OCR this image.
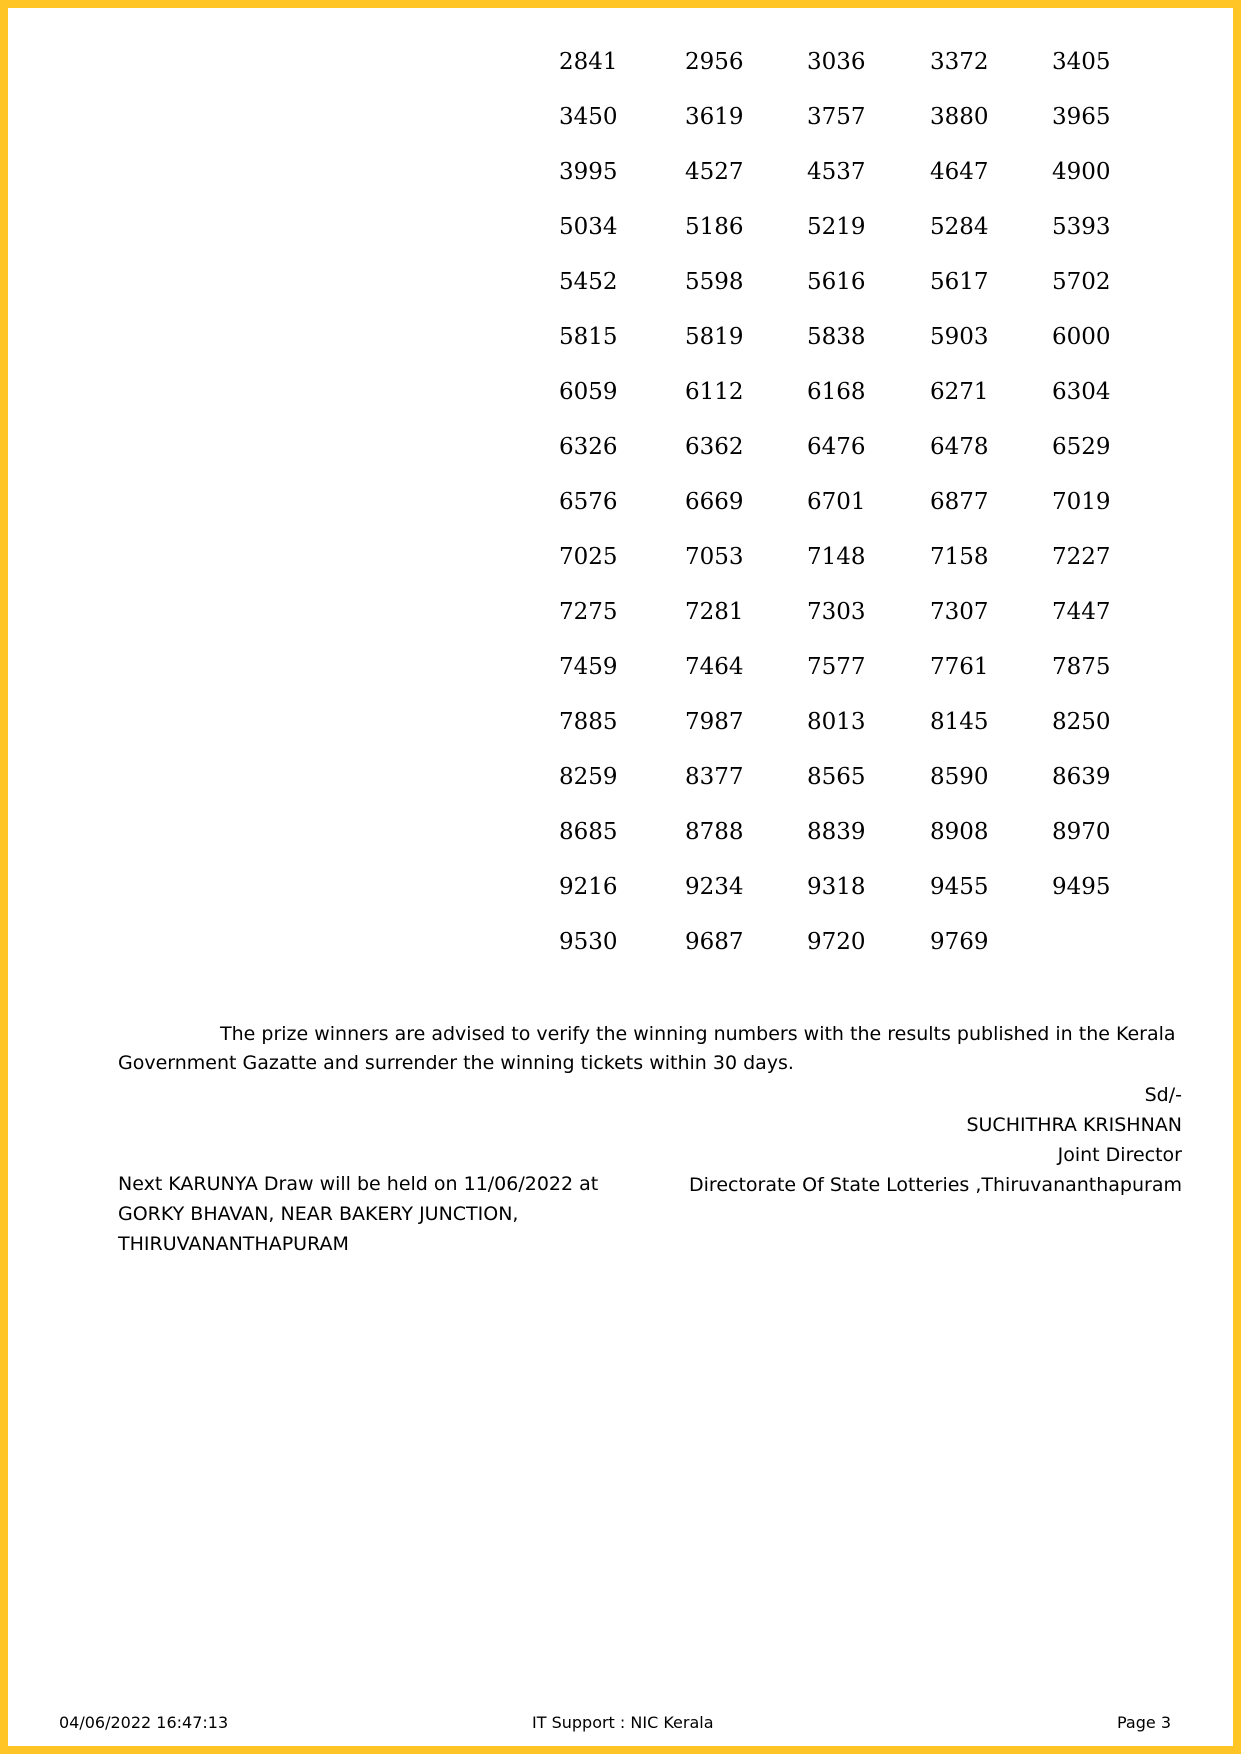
2841	2956	3036	3372	3405
3450	3619	3757	3880	3965
3995	4527	4537	4647	4900
5034	5186	5219	5284	5393
5452	5598	5616	5617	5702
5815	5819	5838	5903	6000
6059	6112	6168	6271	6304
6326	6362	6476	6478	6529
6576	6669	6701	6877	7019
7025	7053	7148	7158	7227
7275	7281	7303	7307	7447
7459	7464	7577	7761	7875
7885	7987	8013	8145	8250
8259	8377	8565	8590	8639
8685	8788	8839	8908	8970
9216	9234	9318	9455	9495
9530	9687	9720	9769
The prize winners are advised to verify the winning numbers with the results published in the Kerala
Government Gazatte and surrender the winning tickets within 30 days.
Sd/-
SUCHITHRA KRISHNAN
Joint Director
Directorate Of State Lotteries ,Thiruvananthapuram
Next KARUNYA Draw will be held on 11/06/2022 at
GORKY BHAVAN, NEAR BAKERY JUNCTION,
THIRUVANANTHAPURAM
04/06/2022 16:47:13	IT Support : NIC Kerala	Page 3
